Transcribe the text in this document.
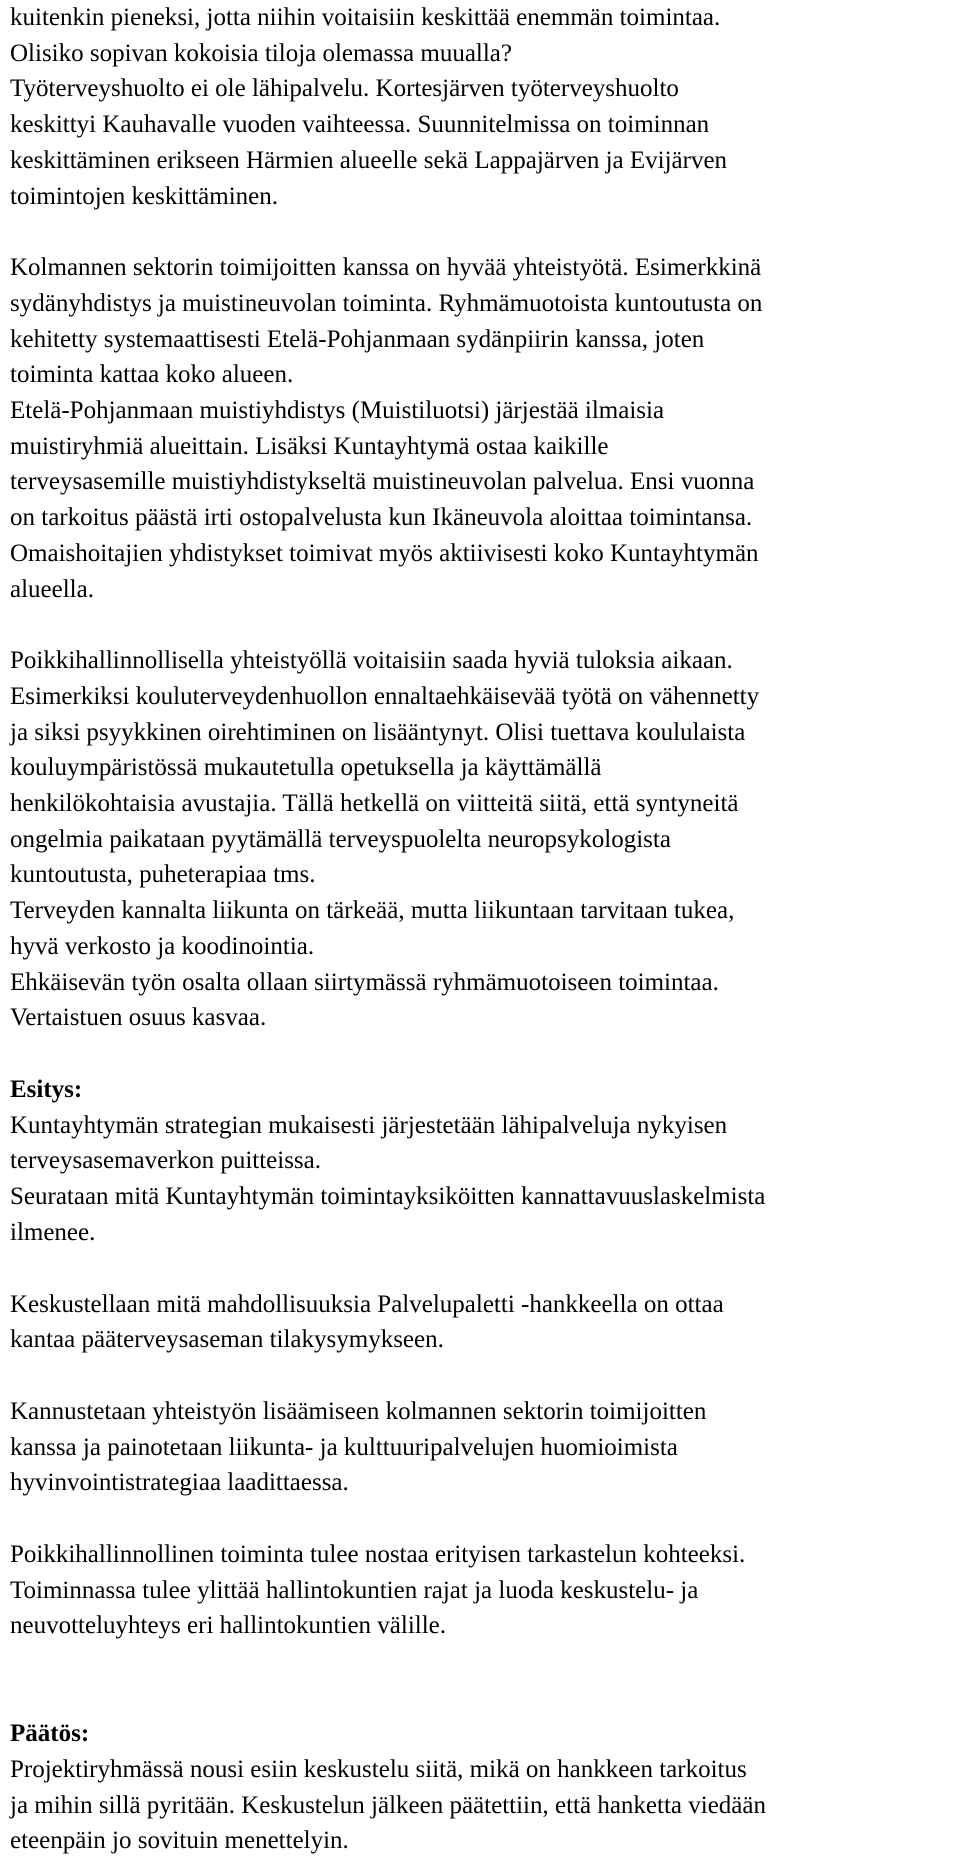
kuitenkin pieneksi, jotta niihin voitaisiin keskittää enemmän toimintaa.
Olisiko sopivan kokoisia tiloja olemassa muualla?
Työterveyshuolto ei ole lähipalvelu. Kortesjärven työterveyshuolto
keskittyi Kauhavalle vuoden vaihteessa. Suunnitelmissa on toiminnan
keskittäminen erikseen Härmien alueelle sekä Lappajärven ja Evijärven
toimintojen keskittäminen.

Kolmannen sektorin toimijoitten kanssa on hyvää yhteistyötä. Esimerkkinä
sydänyhdistys ja muistineuvolan toiminta. Ryhmämuotoista kuntoutusta on
kehitetty systemaattisesti Etelä-Pohjanmaan sydänpiirin kanssa, joten
toiminta kattaa koko alueen.
Etelä-Pohjanmaan muistiyhdistys (Muistiluotsi) järjestää ilmaisia
muistiryhmiä alueittain. Lisäksi Kuntayhtymä ostaa kaikille
terveysasemille muistiyhdistykseltä muistineuvolan palvelua. Ensi vuonna
on tarkoitus päästä irti ostopalvelusta kun Ikäneuvola aloittaa toimintansa.
Omaishoitajien yhdistykset toimivat myös aktiivisesti koko Kuntayhtymän
alueella.

Poikkihallinnollisella yhteistyöllä voitaisiin saada hyviä tuloksia aikaan.
Esimerkiksi kouluterveydenhuollon ennaltaehkäisevää työtä on vähennetty
ja siksi psyykkinen oirehtiminen on lisääntynyt. Olisi tuettava koululaista
kouluympäristössä mukautetulla opetuksella ja käyttämällä
henkilökohtaisia avustajia. Tällä hetkellä on viitteitä siitä, että syntyneitä
ongelmia paikataan pyytämällä terveyspuolelta neuropsykologista
kuntoutusta, puheterapiaa tms.
Terveyden kannalta liikunta on tärkeää, mutta liikuntaan tarvitaan tukea,
hyvä verkosto ja koodinointia.
Ehkäisevän työn osalta ollaan siirtymässä ryhmämuotoiseen toimintaa.
Vertaistuen osuus kasvaa.

Esitys:

Kuntayhtymän strategian mukaisesti järjestetään lähipalveluja nykyisen
terveysasemaverkon puitteissa.
Seurataan mitä Kuntayhtymän toimintayksiköitten kannattavuuslaskelmista
ilmenee.

Keskustellaan mitä mahdollisuuksia Palvelupaletti -hankkeella on ottaa
kantaa pääterveysaseman tilakysymykseen.

Kannustetaan yhteistyön lisäämiseen kolmannen sektorin toimijoitten
kanssa ja painotetaan liikunta- ja kulttuuripalvelujen huomioimista
hyvinvointistrategiaa laadittaessa.

Poikkihallinnollinen toiminta tulee nostaa erityisen tarkastelun kohteeksi.
Toiminnassa tulee ylittää hallintokuntien rajat ja luoda keskustelu- ja
neuvotteluyhteys eri hallintokuntien välille.

Päätös:

Projektiryhmässä nousi esiin keskustelu siitä, mikä on hankkeen tarkoitus
ja mihin sillä pyritään. Keskustelun jälkeen päätettiin, että hanketta viedään
eteenpäin jo sovituin menettelyin.
